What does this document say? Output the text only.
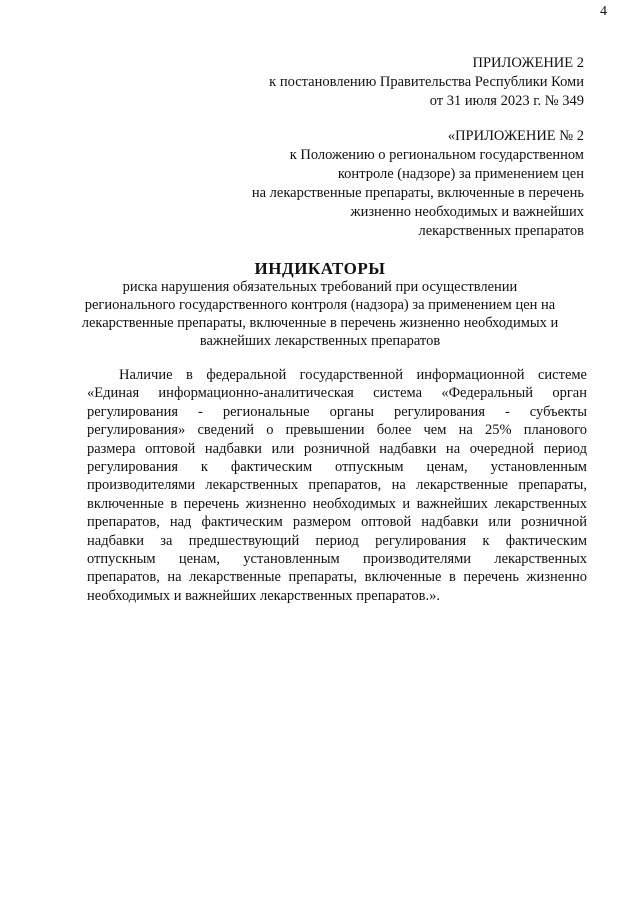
4
ПРИЛОЖЕНИЕ 2
к постановлению Правительства Республики Коми
от 31 июля 2023 г. № 349
«ПРИЛОЖЕНИЕ № 2
к Положению о региональном государственном
контроле (надзоре) за применением цен
на лекарственные препараты, включенные в перечень
жизненно необходимых и важнейших
лекарственных препаратов
ИНДИКАТОРЫ
риска нарушения обязательных требований при осуществлении
регионального государственного контроля (надзора) за применением цен на
лекарственные препараты, включенные в перечень жизненно необходимых и
важнейших лекарственных препаратов
Наличие в федеральной государственной информационной системе
«Единая информационно-аналитическая система «Федеральный орган
регулирования - региональные органы регулирования - субъекты
регулирования» сведений о превышении более чем на 25% планового
размера оптовой надбавки или розничной надбавки на очередной период
регулирования к фактическим отпускным ценам, установленным
производителями лекарственных препаратов, на лекарственные препараты,
включенные в перечень жизненно необходимых и важнейших лекарственных
препаратов, над фактическим размером оптовой надбавки или розничной
надбавки за предшествующий период регулирования к фактическим
отпускным ценам, установленным производителями лекарственных
препаратов, на лекарственные препараты, включенные в перечень жизненно
необходимых и важнейших лекарственных препаратов.».
